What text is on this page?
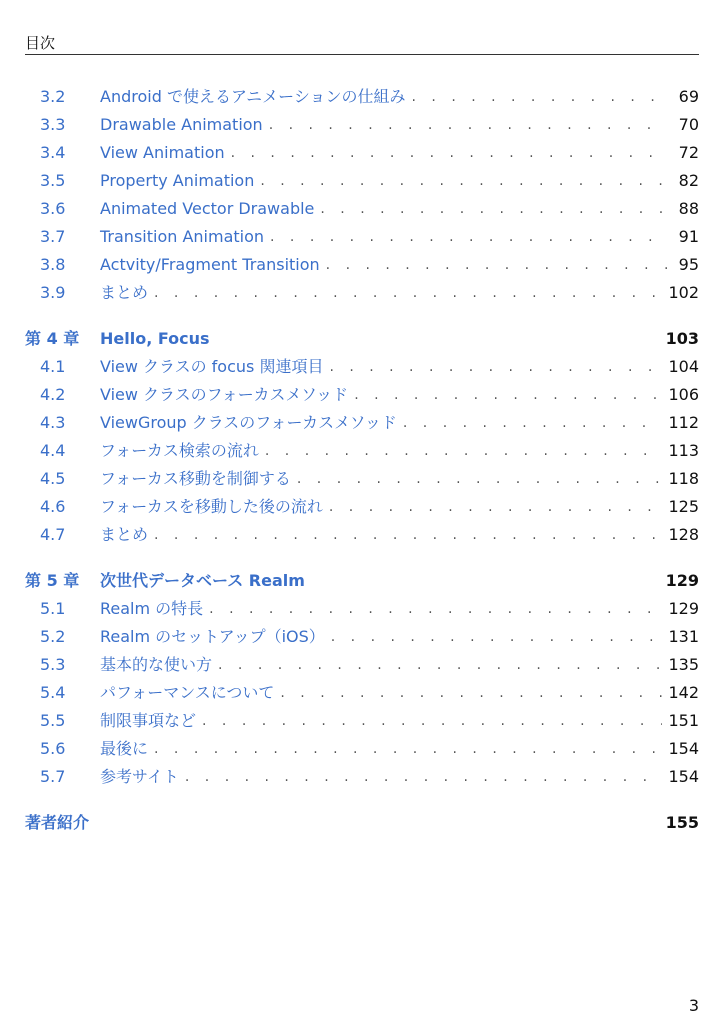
目次
3.2	Android で使えるアニメーションの仕組み . . .	69
3.3	Drawable Animation . . .	70
3.4	View Animation . . .	72
3.5	Property Animation . . .	82
3.6	Animated Vector Drawable . . .	88
3.7	Transition Animation . . .	91
3.8	Actvity/Fragment Transition . . .	95
3.9	まとめ . . .	102
第 4 章	Hello, Focus	103
4.1	View クラスの focus 関連項目 . . .	104
4.2	View クラスのフォーカスメソッド . . .	106
4.3	ViewGroup クラスのフォーカスメソッド . . .	112
4.4	フォーカス検索の流れ . . .	113
4.5	フォーカス移動を制御する . . .	118
4.6	フォーカスを移動した後の流れ . . .	125
4.7	まとめ . . .	128
第 5 章	次世代データベース Realm	129
5.1	Realm の特長 . . .	129
5.2	Realm のセットアップ（iOS） . . .	131
5.3	基本的な使い方 . . .	135
5.4	パフォーマンスについて . . .	142
5.5	制限事項など . . .	151
5.6	最後に . . .	154
5.7	参考サイト . . .	154
著者紹介	155
3
